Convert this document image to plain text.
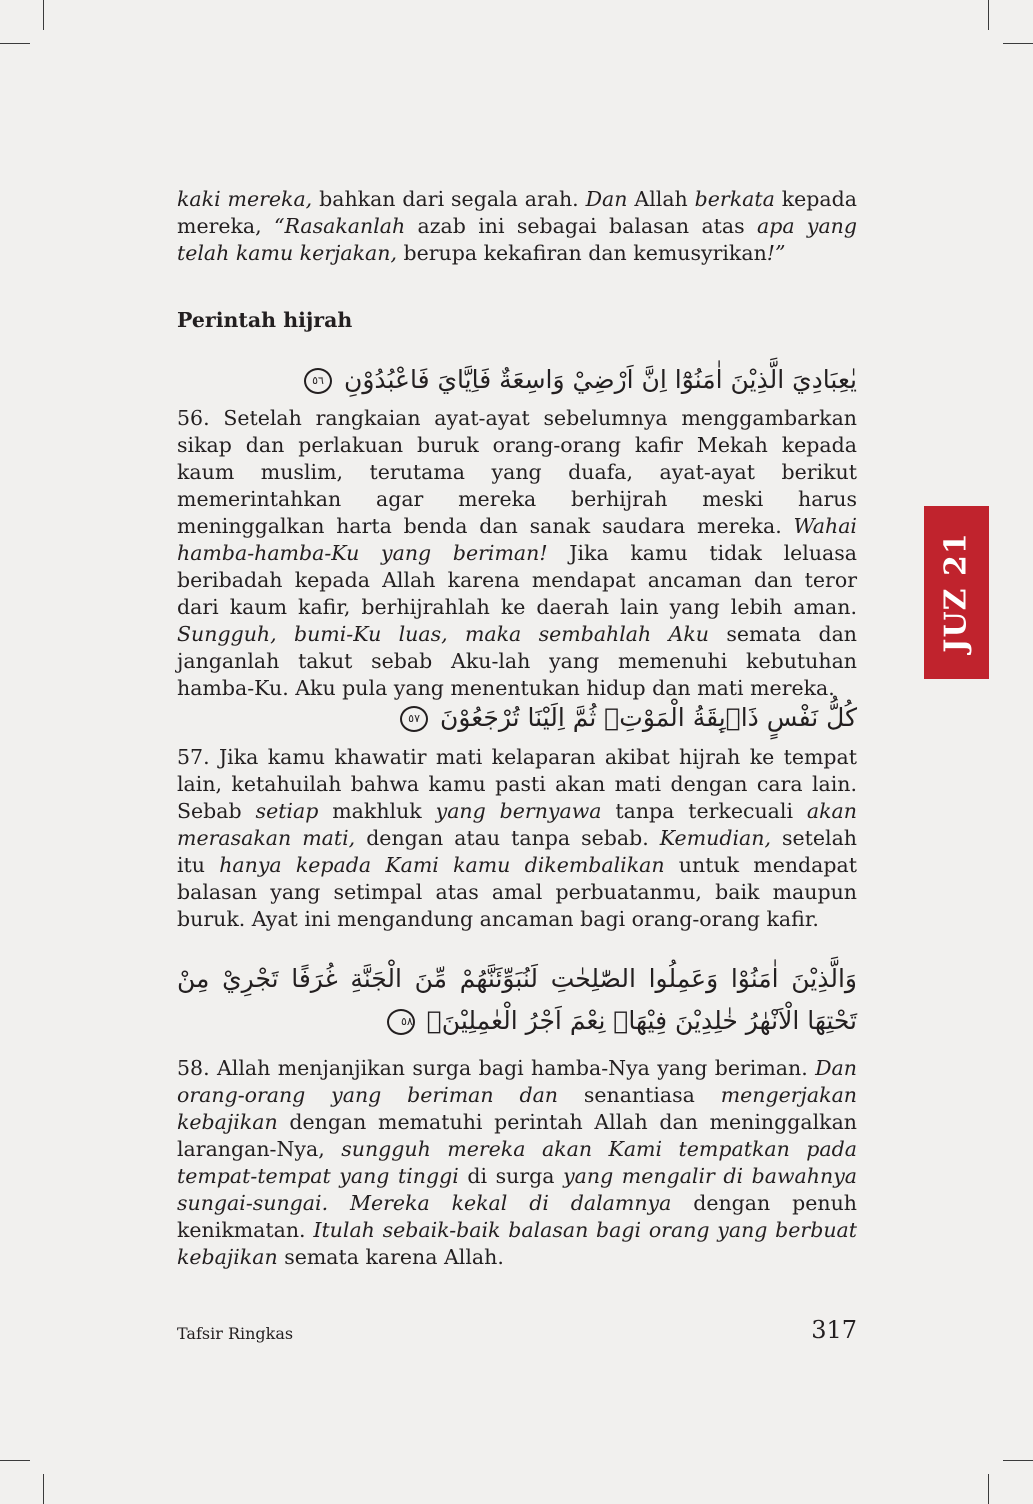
kaki mereka, bahkan dari segala arah. Dan Allah berkata kepada mereka, “Rasakanlah azab ini sebagai balasan atas apa yang telah kamu kerjakan, berupa kekafiran dan kemusyrikan!”

Perintah hijrah
يٰعِبَادِيَ الَّذِيْنَ اٰمَنُوْٓا اِنَّ اَرْضِيْ وَاسِعَةٌ فَاِيَّايَ فَاعْبُدُوْنِ ٥٦

56. Setelah rangkaian ayat-ayat sebelumnya menggambarkan sikap dan perlakuan buruk orang-orang kafir Mekah kepada kaum muslim, terutama yang duafa, ayat-ayat berikut memerintahkan agar mereka berhijrah meski harus meninggalkan harta benda dan sanak saudara mereka. Wahai hamba-hamba-Ku yang beriman! Jika kamu tidak leluasa beribadah kepada Allah karena mendapat ancaman dan teror dari kaum kafir, berhijrahlah ke daerah lain yang lebih aman. Sungguh, bumi-Ku luas, maka sembahlah Aku semata dan janganlah takut sebab Aku-lah yang memenuhi kebutuhan hamba-Ku. Aku pula yang menentukan hidup dan mati mereka.

كُلُّ نَفْسٍ ذَاۤىِٕقَةُ الْمَوْتِۗ ثُمَّ اِلَيْنَا تُرْجَعُوْنَ ٥٧

57. Jika kamu khawatir mati kelaparan akibat hijrah ke tempat lain, ketahuilah bahwa kamu pasti akan mati dengan cara lain. Sebab setiap makhluk yang bernyawa tanpa terkecuali akan merasakan mati, dengan atau tanpa sebab. Kemudian, setelah itu hanya kepada Kami kamu dikembalikan untuk mendapat balasan yang setimpal atas amal perbuatanmu, baik maupun buruk. Ayat ini mengandung ancaman bagi orang-orang kafir.

وَالَّذِيْنَ اٰمَنُوْا وَعَمِلُوا الصّٰلِحٰتِ لَنُبَوِّئَنَّهُمْ مِّنَ الْجَنَّةِ غُرَفًا تَجْرِيْ مِنْ تَحْتِهَا الْاَنْهٰرُ خٰلِدِيْنَ فِيْهَاۗ نِعْمَ اَجْرُ الْعٰمِلِيْنَۖ ٥٨

58. Allah menjanjikan surga bagi hamba-Nya yang beriman. Dan orang-orang yang beriman dan senantiasa mengerjakan kebajikan dengan mematuhi perintah Allah dan meninggalkan larangan-Nya, sungguh mereka akan Kami tempatkan pada tempat-tempat yang tinggi di surga yang mengalir di bawahnya sungai-sungai. Mereka kekal di dalamnya dengan penuh kenikmatan. Itulah sebaik-baik balasan bagi orang yang berbuat kebajikan semata karena Allah.

JUZ 21
Tafsir Ringkas	317
